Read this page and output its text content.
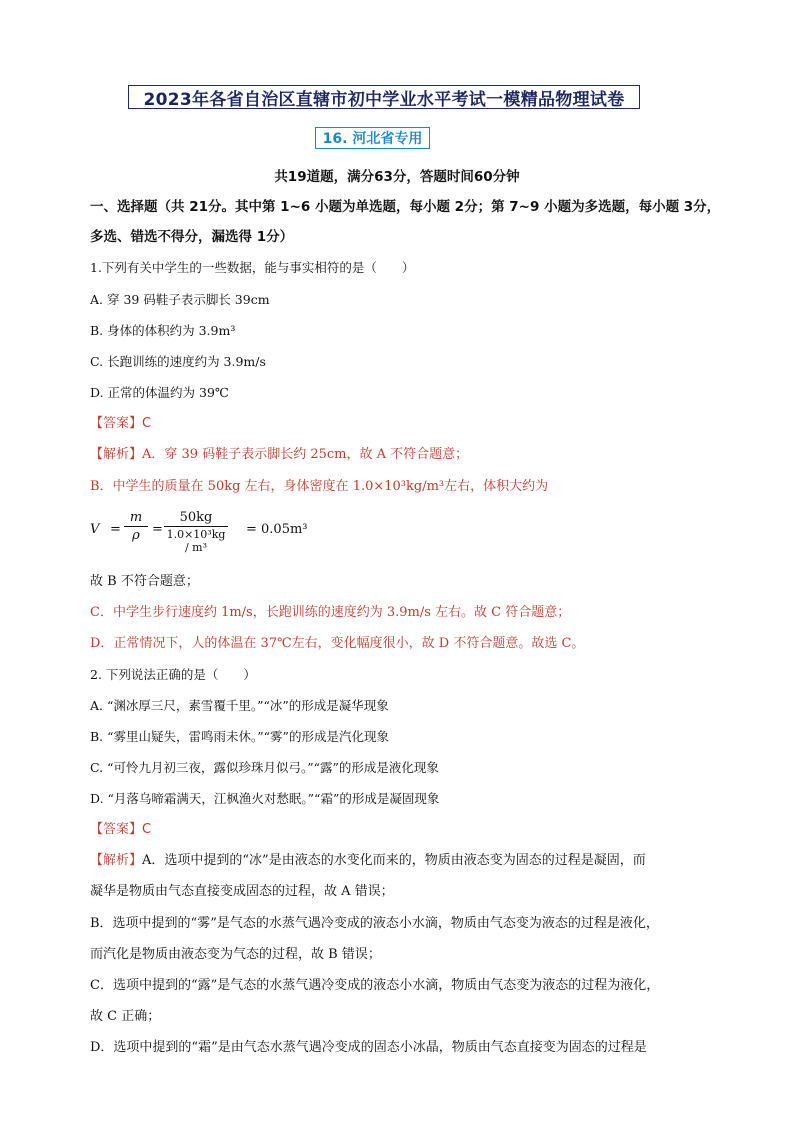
2023年各省自治区直辖市初中学业水平考试一模精品物理试卷
16. 河北省专用
共19道题，满分63分，答题时间60分钟
一、选择题（共 21分。其中第 1~6 小题为单选题，每小题 2分；第 7~9 小题为多选题，每小题 3分，
多选、错选不得分，漏选得 1分）
1.下列有关中学生的一些数据，能与事实相符的是（　　）
A. 穿 39 码鞋子表示脚长 39cm
B. 身体的体积约为 3.9m³
C. 长跑训练的速度约为 3.9m/s
D. 正常的体温约为 39℃
【答案】C
【解析】A．穿 39 码鞋子表示脚长约 25cm，故 A 不符合题意；
B．中学生的质量在 50kg 左右，身体密度在 1.0×10³kg/m³左右，体积大约为
$V = \frac{m}{\rho}$ =
50kg
1.0×10³kg / m³
= 0.05m³
故 B 不符合题意；
C．中学生步行速度约 1m/s，长跑训练的速度约为 3.9m/s 左右。故 C 符合题意；
D．正常情况下，人的体温在 37℃左右，变化幅度很小，故 D 不符合题意。故选 C。
2. 下列说法正确的是（　　）
A. “渊冰厚三尺，素雪覆千里。”“冰”的形成是凝华现象
B. “雾里山疑失，雷鸣雨未休。”“雾”的形成是汽化现象
C. “可怜九月初三夜，露似珍珠月似弓。”“露”的形成是液化现象
D. “月落乌啼霜满天，江枫渔火对愁眠。”“霜”的形成是凝固现象
【答案】C
【解析】A．选项中提到的“冰”是由液态的水变化而来的，物质由液态变为固态的过程是凝固，而
凝华是物质由气态直接变成固态的过程，故 A 错误；
B．选项中提到的“雾”是气态的水蒸气遇冷变成的液态小水滴，物质由气态变为液态的过程是液化，
而汽化是物质由液态变为气态的过程，故 B 错误；
C．选项中提到的“露”是气态的水蒸气遇冷变成的液态小水滴，物质由气态变为液态的过程为液化，
故 C 正确；
D．选项中提到的“霜”是由气态水蒸气遇冷变成的固态小冰晶，物质由气态直接变为固态的过程是
